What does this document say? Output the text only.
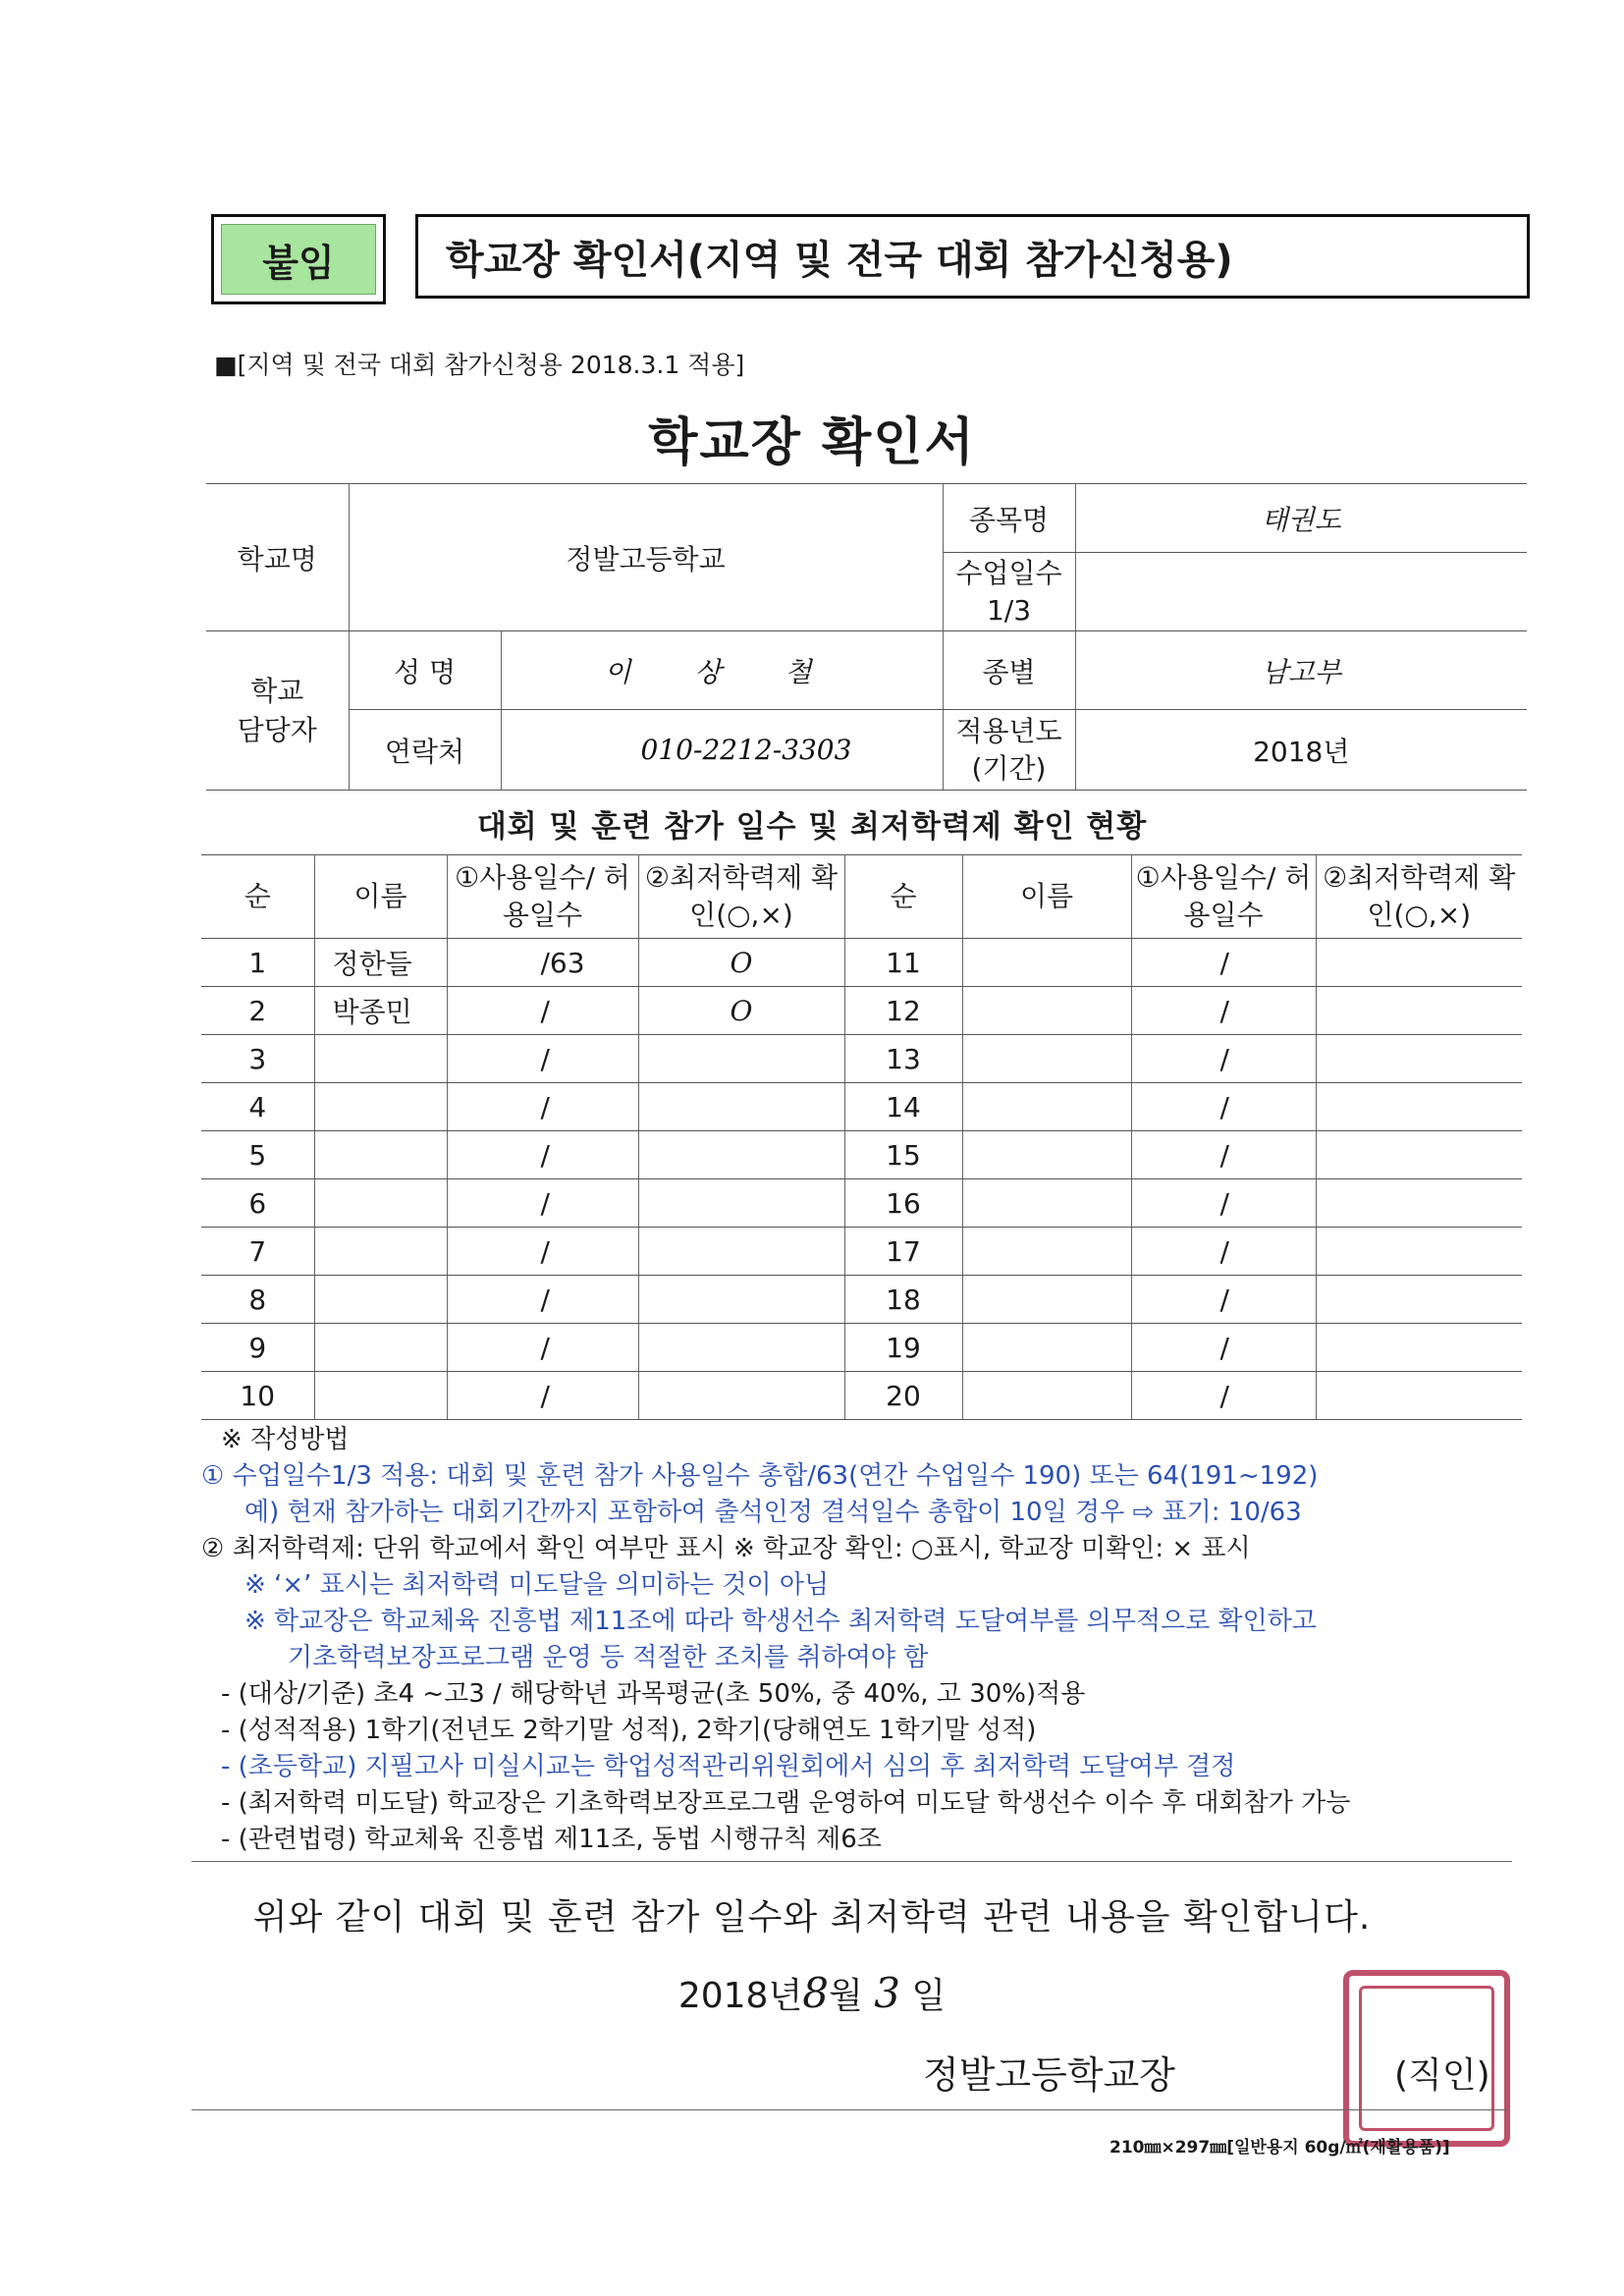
붙임	학교장 확인서(지역 및 전국 대회 참가신청용)
■[지역 및 전국 대회 참가신청용 2018.3.1 적용]
학교장 확인서
학교명	정발고등학교		종목명	태권도
			수업일수 1/3	
학교 담당자	성 명	이 상 철	종별	남고부
	연락처	010-2212-3303	적용년도 (기간)	2018년
대회 및 훈련 참가 일수 및 최저학력제 확인 현황
순	이름	①사용일수/ 허용일수	②최저학력제 확인(○,×)	순	이름	①사용일수/ 허용일수	②최저학력제 확인(○,×)
1	정한들	/63	O	11		/	
2	박종민	/	O	12		/	
3		/		13		/	
4		/		14		/	
5		/		15		/	
6		/		16		/	
7		/		17		/	
8		/		18		/	
9		/		19		/	
10		/		20		/	
※ 작성방법
① 수업일수1/3 적용: 대회 및 훈련 참가 사용일수 총합/63(연간 수업일수 190) 또는 64(191~192)
예) 현재 참가하는 대회기간까지 포함하여 출석인정 결석일수 총합이 10일 경우 ⇨ 표기: 10/63
② 최저학력제: 단위 학교에서 확인 여부만 표시 ※ 학교장 확인: ○표시, 학교장 미확인: × 표시
※ ‘×’ 표시는 최저학력 미도달을 의미하는 것이 아님
※ 학교장은 학교체육 진흥법 제11조에 따라 학생선수 최저학력 도달여부를 의무적으로 확인하고
기초학력보장프로그램 운영 등 적절한 조치를 취하여야 함
- (대상/기준) 초4 ~고3 / 해당학년 과목평균(초 50%, 중 40%, 고 30%)적용
- (성적적용) 1학기(전년도 2학기말 성적), 2학기(당해연도 1학기말 성적)
- (초등학교) 지필고사 미실시교는 학업성적관리위원회에서 심의 후 최저학력 도달여부 결정
- (최저학력 미도달) 학교장은 기초학력보장프로그램 운영하여 미도달 학생선수 이수 후 대회참가 가능
- (관련법령) 학교체육 진흥법 제11조, 동법 시행규칙 제6조
위와 같이 대회 및 훈련 참가 일수와 최저학력 관련 내용을 확인합니다.
2018년8월 3 일
정발고등학교장	(직인)
210㎜×297㎜[일반용지 60g/㎡(재활용품)]
